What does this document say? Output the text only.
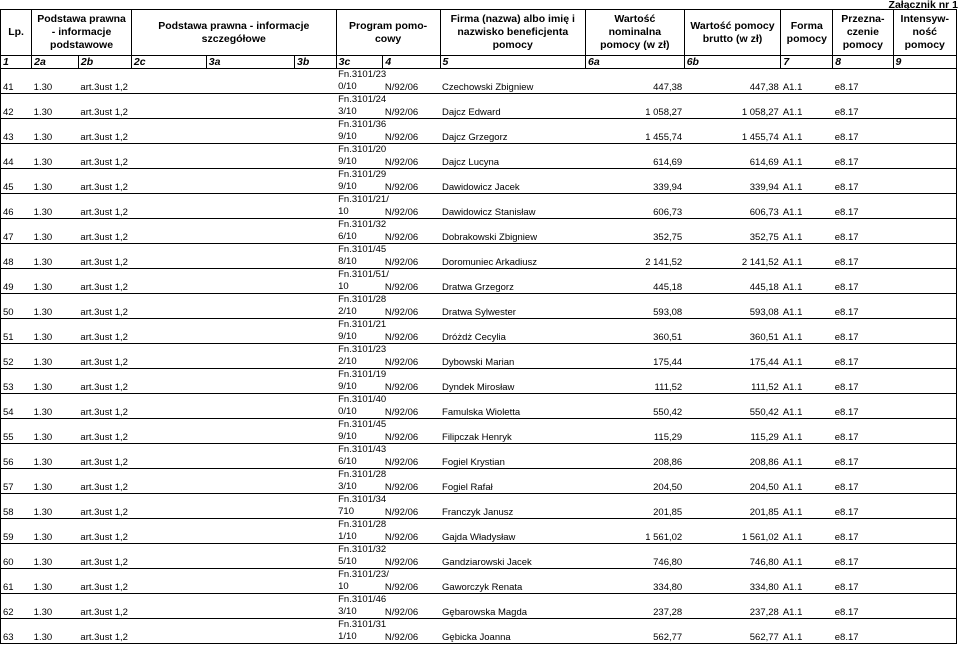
Załącznik nr 1
Lp.	Podstawa prawna - informacje podstawowe		Podstawa prawna - informacje szczegółowe			Program pomo-cowy		Firma (nazwa) albo imię i nazwisko beneficjenta pomocy	Wartość nominalna pomocy (w zł)	Wartość pomocy brutto (w zł)	Forma pomocy	Przezna-czenie pomocy	Intensyw-ność pomocy
1	2a	2b	2c	3a	3b	3c	4	5	6a	6b	7	8	9
41	1.30	art.3ust 1,2				Fn.3101/23
0/10	N/92/06	Czechowski Zbigniew	447,38	447,38	A1.1	e8.17	
42	1.30	art.3ust 1,2				Fn.3101/24
3/10	N/92/06	Dajcz Edward	1 058,27	1 058,27	A1.1	e8.17	
43	1.30	art.3ust 1,2				Fn.3101/36
9/10	N/92/06	Dajcz Grzegorz	1 455,74	1 455,74	A1.1	e8.17	
44	1.30	art.3ust 1,2				Fn.3101/20
9/10	N/92/06	Dajcz Lucyna	614,69	614,69	A1.1	e8.17	
45	1.30	art.3ust 1,2				Fn.3101/29
9/10	N/92/06	Dawidowicz Jacek	339,94	339,94	A1.1	e8.17	
46	1.30	art.3ust 1,2				Fn.3101/21/
10	N/92/06	Dawidowicz Stanisław	606,73	606,73	A1.1	e8.17	
47	1.30	art.3ust 1,2				Fn.3101/32
6/10	N/92/06	Dobrakowski Zbigniew	352,75	352,75	A1.1	e8.17	
48	1.30	art.3ust 1,2				Fn.3101/45
8/10	N/92/06	Doromuniec Arkadiusz	2 141,52	2 141,52	A1.1	e8.17	
49	1.30	art.3ust 1,2				Fn.3101/51/
10	N/92/06	Dratwa Grzegorz	445,18	445,18	A1.1	e8.17	
50	1.30	art.3ust 1,2				Fn.3101/28
2/10	N/92/06	Dratwa Sylwester	593,08	593,08	A1.1	e8.17	
51	1.30	art.3ust 1,2				Fn.3101/21
9/10	N/92/06	Dróżdż Cecylia	360,51	360,51	A1.1	e8.17	
52	1.30	art.3ust 1,2				Fn.3101/23
2/10	N/92/06	Dybowski Marian	175,44	175,44	A1.1	e8.17	
53	1.30	art.3ust 1,2				Fn.3101/19
9/10	N/92/06	Dyndek Mirosław	111,52	111,52	A1.1	e8.17	
54	1.30	art.3ust 1,2				Fn.3101/40
0/10	N/92/06	Famulska Wioletta	550,42	550,42	A1.1	e8.17	
55	1.30	art.3ust 1,2				Fn.3101/45
9/10	N/92/06	Filipczak Henryk	115,29	115,29	A1.1	e8.17	
56	1.30	art.3ust 1,2				Fn.3101/43
6/10	N/92/06	Fogiel Krystian	208,86	208,86	A1.1	e8.17	
57	1.30	art.3ust 1,2				Fn.3101/28
3/10	N/92/06	Fogiel Rafał	204,50	204,50	A1.1	e8.17	
58	1.30	art.3ust 1,2				Fn.3101/34
710	N/92/06	Franczyk Janusz	201,85	201,85	A1.1	e8.17	
59	1.30	art.3ust 1,2				Fn.3101/28
1/10	N/92/06	Gajda Władysław	1 561,02	1 561,02	A1.1	e8.17	
60	1.30	art.3ust 1,2				Fn.3101/32
5/10	N/92/06	Gandziarowski Jacek	746,80	746,80	A1.1	e8.17	
61	1.30	art.3ust 1,2				Fn.3101/23/
10	N/92/06	Gaworczyk Renata	334,80	334,80	A1.1	e8.17	
62	1.30	art.3ust 1,2				Fn.3101/46
3/10	N/92/06	Gębarowska Magda	237,28	237,28	A1.1	e8.17	
63	1.30	art.3ust 1,2				Fn.3101/31
1/10	N/92/06	Gębicka Joanna	562,77	562,77	A1.1	e8.17	
